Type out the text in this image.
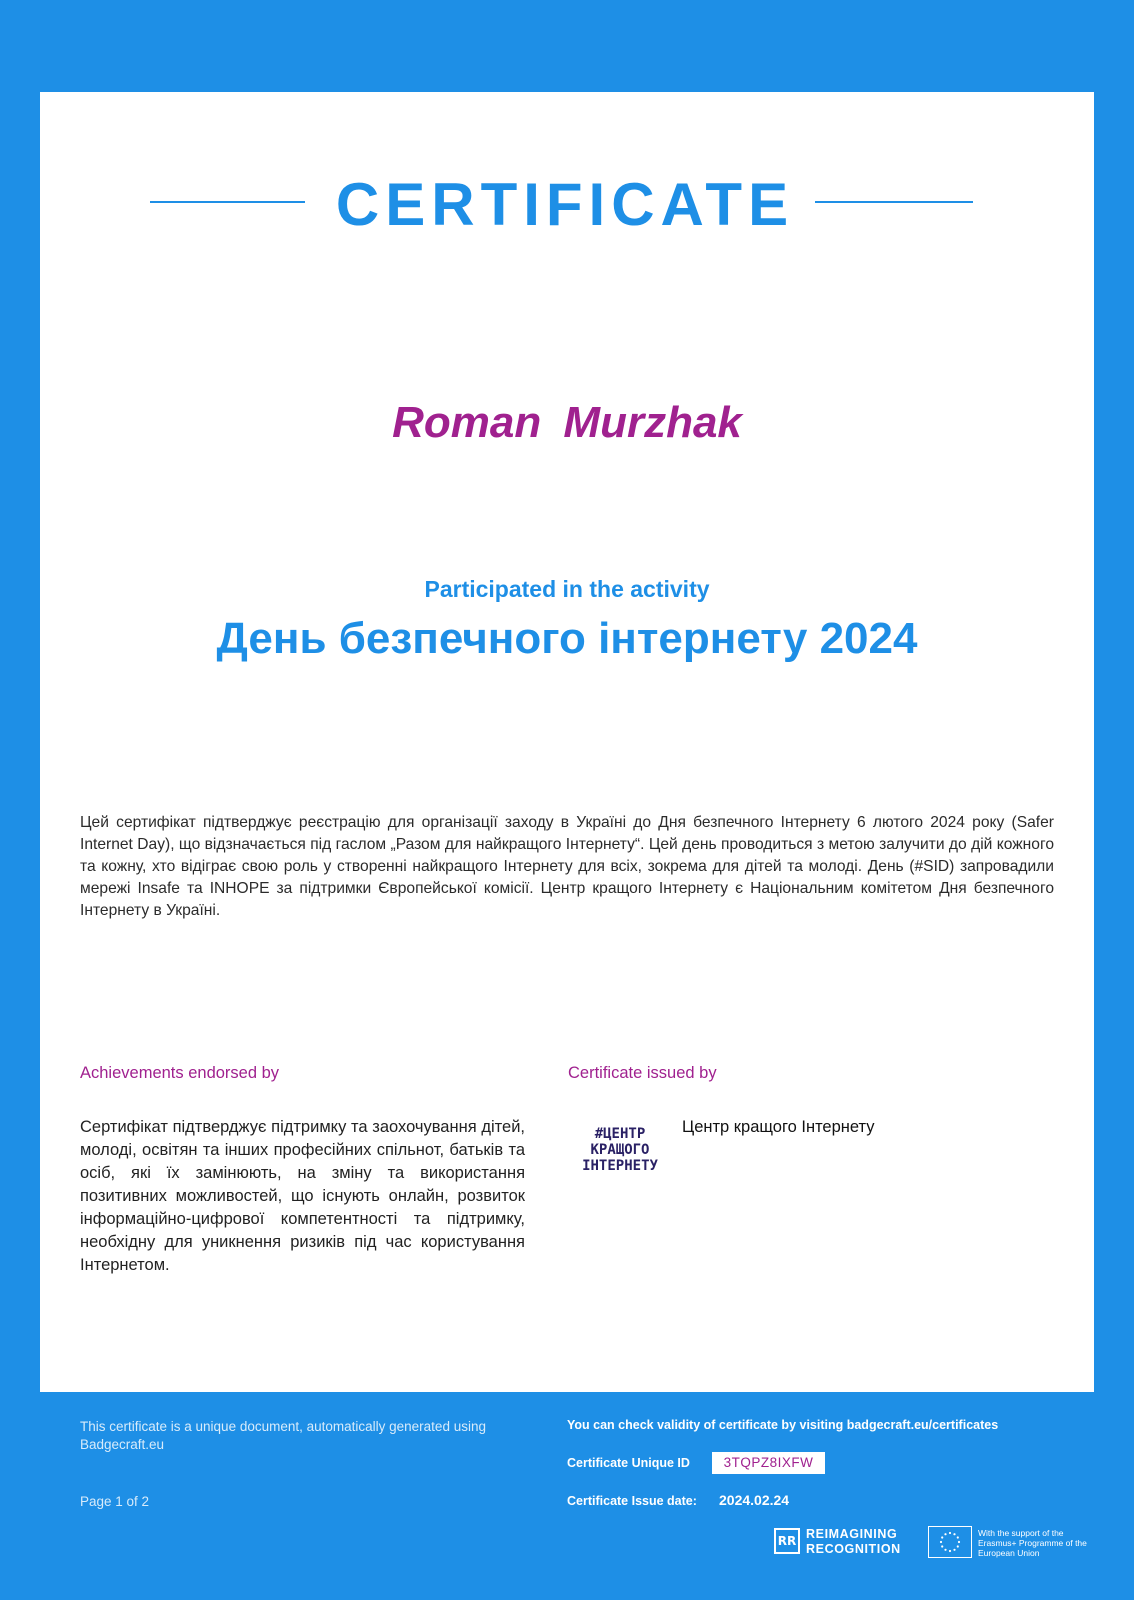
CERTIFICATE
Roman Murzhak
Participated in the activity
День безпечного інтернету 2024
Цей сертифікат підтверджує реєстрацію для організації заходу в Україні до Дня безпечного Інтернету 6 лютого 2024 року (Safer Internet Day), що відзначається під гаслом „Разом для найкращого Інтернету“. Цей день проводиться з метою залучити до дій кожного та кожну, хто відіграє свою роль у створенні найкращого Інтернету для всіх, зокрема для дітей та молоді. День (#SID) запровадили мережі Insafe та INHOPE за підтримки Європейської комісії. Центр кращого Інтернету є Національним комітетом Дня безпечного Інтернету в Україні.
Achievements endorsed by
Сертифікат підтверджує підтримку та заохочування дітей, молоді, освітян та інших професійних спільнот, батьків та осіб, які їх замінюють, на зміну та використання позитивних можливостей, що існують онлайн, розвиток інформаційно-цифрової компетентності та підтримку, необхідну для уникнення ризиків під час користування Інтернетом.
Certificate issued by
#ЦЕНТР
КРАЩОГО
ІНТЕРНЕТУ
Центр кращого Інтернету
This certificate is a unique document, automatically generated using Badgecraft.eu
Page 1 of 2
You can check validity of certificate by visiting badgecraft.eu/certificates
Certificate Unique ID	3TQPZ8IXFW
Certificate Issue date: 2024.02.24
RR REIMAGINING
RECOGNITION
With the support of the Erasmus+ Programme of the European Union
